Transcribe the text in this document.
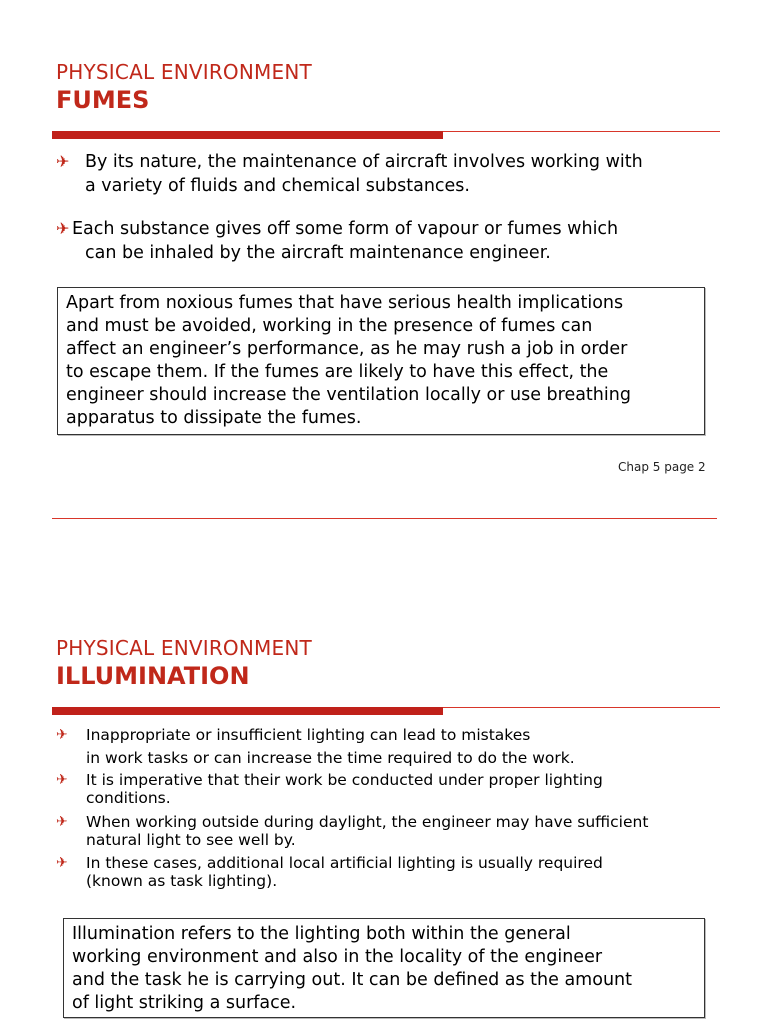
PHYSICAL ENVIRONMENT
FUMES
✈ By its nature, the maintenance of aircraft involves working with
a variety of fluids and chemical substances.
✈ Each substance gives off some form of vapour or fumes which
can be inhaled by the aircraft maintenance engineer.
Apart from noxious fumes that have serious health implications
and must be avoided, working in the presence of fumes can
affect an engineer’s performance, as he may rush a job in order
to escape them. If the fumes are likely to have this effect, the
engineer should increase the ventilation locally or use breathing
apparatus to dissipate the fumes.
Chap 5 page 2
PHYSICAL ENVIRONMENT
ILLUMINATION
✈ Inappropriate or insufficient lighting can lead to mistakes
in work tasks or can increase the time required to do the work.
✈ It is imperative that their work be conducted under proper lighting
conditions.
✈ When working outside during daylight, the engineer may have sufficient
natural light to see well by.
✈ In these cases, additional local artificial lighting is usually required
(known as task lighting).
Illumination refers to the lighting both within the general
working environment and also in the locality of the engineer
and the task he is carrying out. It can be defined as the amount
of light striking a surface.
